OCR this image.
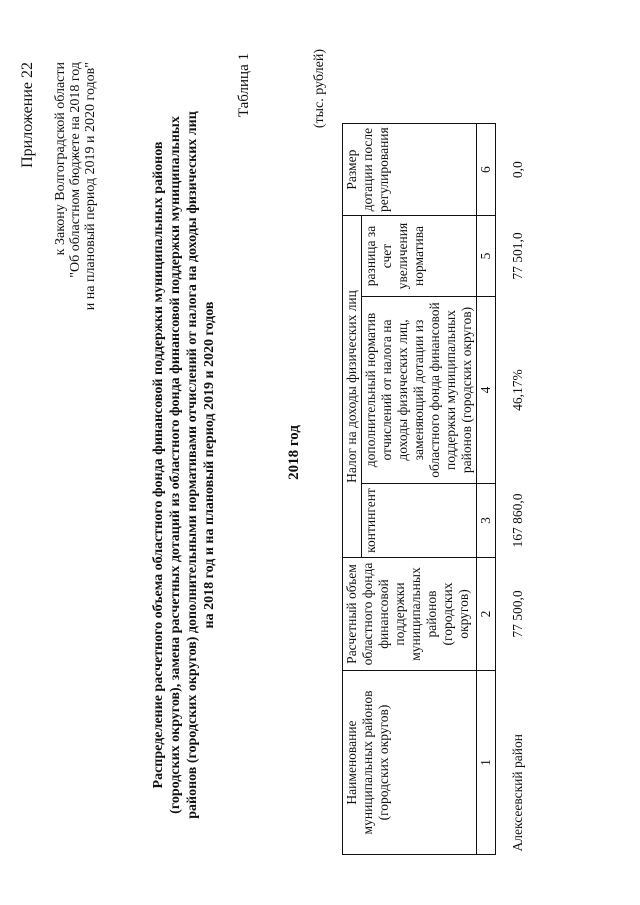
Приложение 22 к Закону Волгоградской области "Об областном бюджете на 2018 год и на плановый период 2019 и 2020 годов"	Распределение расчетного объема областного фонда финансовой поддержки муниципальных районов (городских округов), замена расчетных дотаций из областного фонда финансовой поддержки муниципальных районов (городских округов) дополнительными нормативами отчислений от налога на доходы физических лиц на 2018 год и на плановый период 2019 и 2020 годов
Таблица 1
2018 год
(тыс. рублей)
Наименование муниципальных районов (городских округов)	Расчетный объем областного фонда финансовой поддержки муниципальных районов (городских округов)	Налог на доходы физических лиц			Размер дотации после регулирования
		контингент	дополнительный норматив отчислений от налога на доходы физических лиц, заменяющий дотации из областного фонда финансовой поддержки муниципальных районов (городских округов)	разница за счет увеличения норматива	
1	2	3	4	5	6
Алексеевский район	77 500,0	167 860,0	46,17%	77 501,0	0,0
